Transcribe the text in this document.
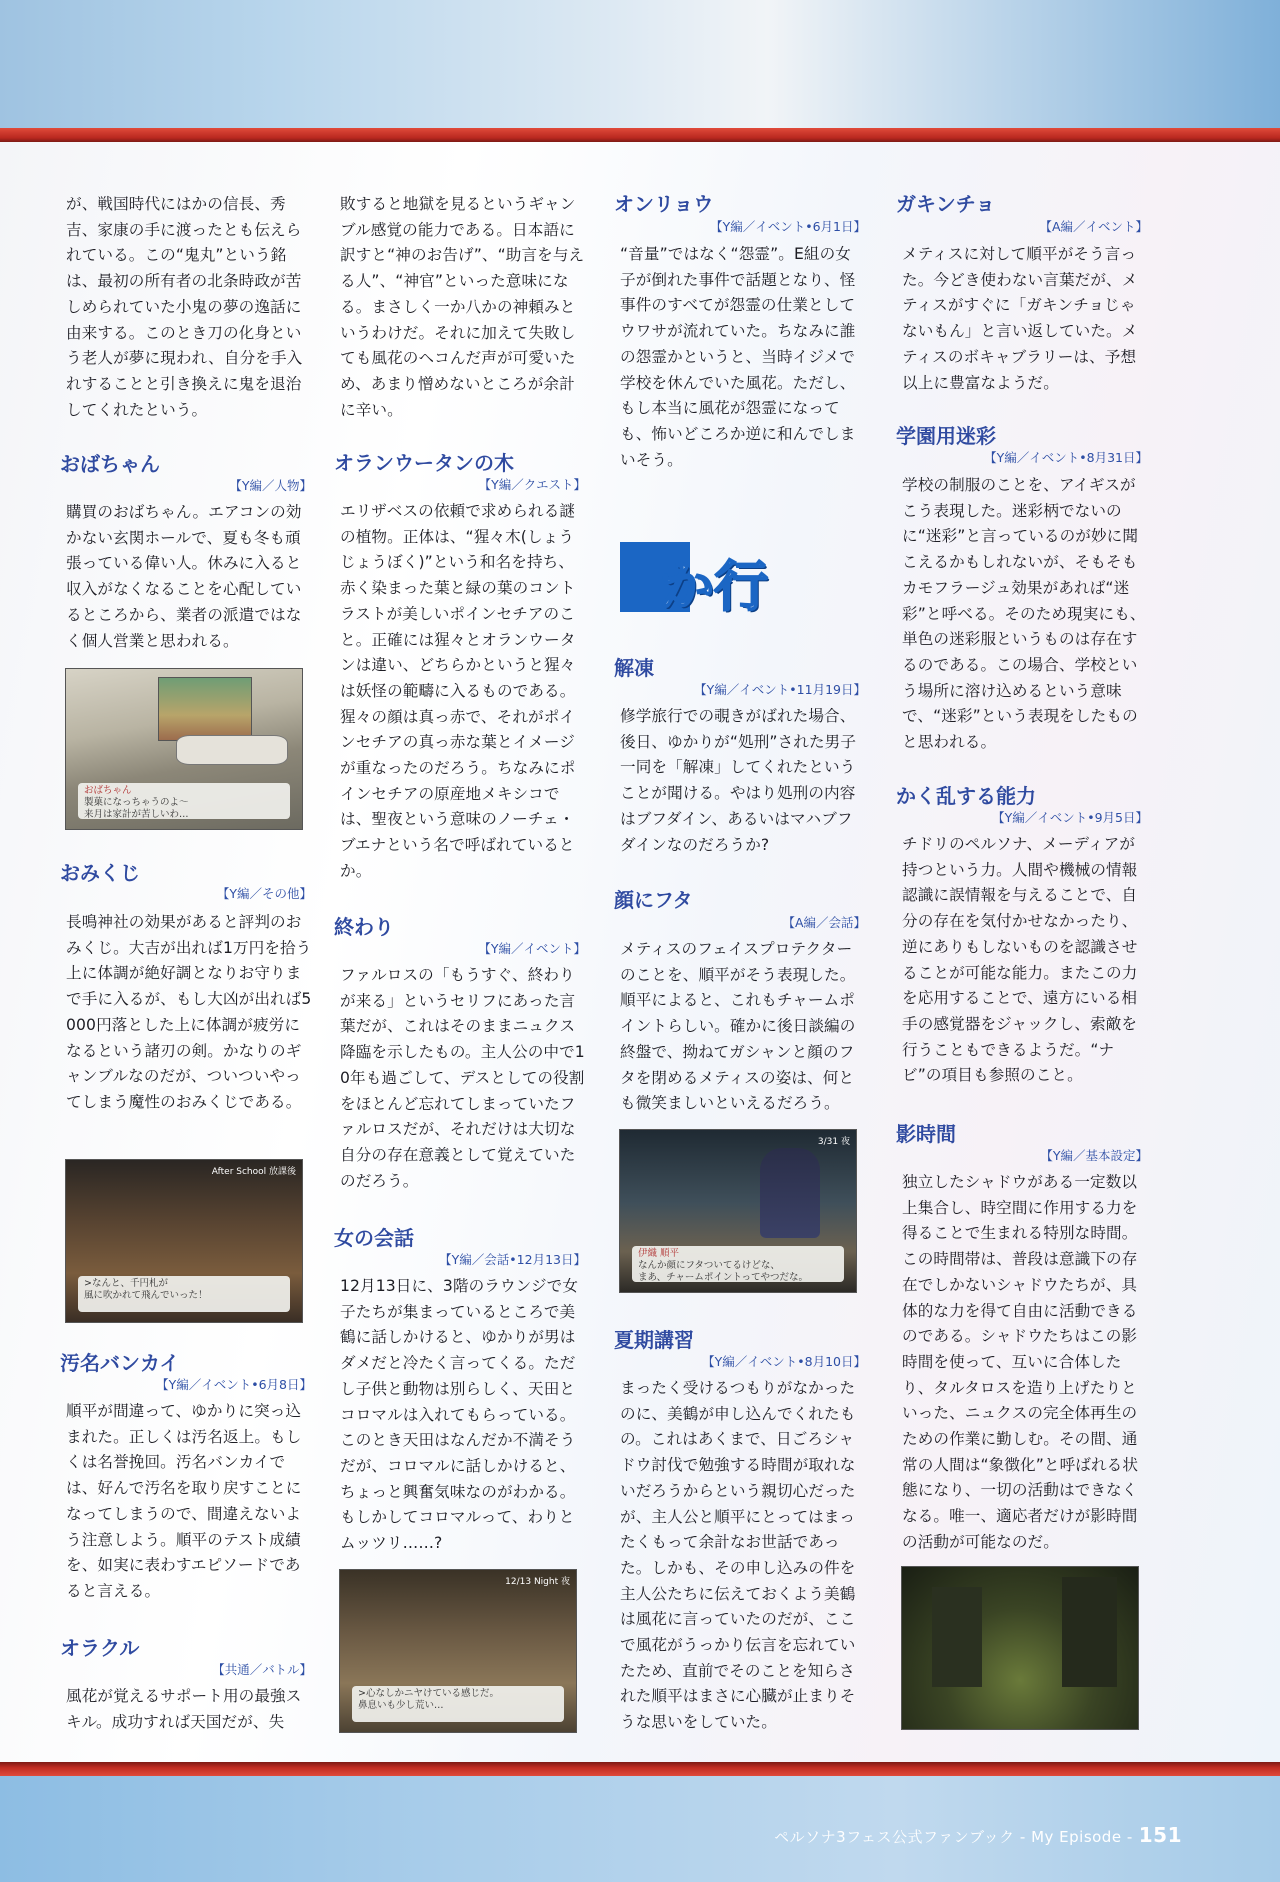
ペルソナ3フェス公式ファンブック - My Episode - 151
が、戦国時代にはかの信長、秀吉、家康の手に渡ったとも伝えられている。この“鬼丸”という銘は、最初の所有者の北条時政が苦しめられていた小鬼の夢の逸話に由来する。このとき刀の化身という老人が夢に現われ、自分を手入れすることと引き換えに鬼を退治してくれたという。
おばちゃん
【Y編／人物】
購買のおばちゃん。エアコンの効かない玄関ホールで、夏も冬も頑張っている偉い人。休みに入ると収入がなくなることを心配しているところから、業者の派遣ではなく個人営業と思われる。
おばちゃん
製菓になっちゃうのよ～
来月は家計が苦しいわ…
おみくじ
【Y編／その他】
長鳴神社の効果があると評判のおみくじ。大吉が出れば1万円を拾う上に体調が絶好調となりお守りまで手に入るが、もし大凶が出れば5000円落とした上に体調が疲労になるという諸刃の剣。かなりのギャンブルなのだが、ついついやってしまう魔性のおみくじである。
After School 放課後
>なんと、千円札が
風に吹かれて飛んでいった！
汚名バンカイ
【Y編／イベント•6月8日】
順平が間違って、ゆかりに突っ込まれた。正しくは汚名返上。もしくは名誉挽回。汚名バンカイでは、好んで汚名を取り戻すことになってしまうので、間違えないよう注意しよう。順平のテスト成績を、如実に表わすエピソードであると言える。
オラクル
【共通／バトル】
風花が覚えるサポート用の最強スキル。成功すれば天国だが、失
敗すると地獄を見るというギャンブル感覚の能力である。日本語に訳すと“神のお告げ”、“助言を与える人”、“神官”といった意味になる。まさしく一か八かの神頼みというわけだ。それに加えて失敗しても風花のヘコんだ声が可愛いため、あまり憎めないところが余計に辛い。
オランウータンの木
【Y編／クエスト】
エリザベスの依頼で求められる謎の植物。正体は、“猩々木(しょうじょうぼく)”という和名を持ち、赤く染まった葉と緑の葉のコントラストが美しいポインセチアのこと。正確には猩々とオランウータンは違い、どちらかというと猩々は妖怪の範疇に入るものである。猩々の顔は真っ赤で、それがポインセチアの真っ赤な葉とイメージが重なったのだろう。ちなみにポインセチアの原産地メキシコでは、聖夜という意味のノーチェ・ブエナという名で呼ばれているとか。
終わり
【Y編／イベント】
ファルロスの「もうすぐ、終わりが来る」というセリフにあった言葉だが、これはそのままニュクス降臨を示したもの。主人公の中で10年も過ごして、デスとしての役割をほとんど忘れてしまっていたファルロスだが、それだけは大切な自分の存在意義として覚えていたのだろう。
女の会話
【Y編／会話•12月13日】
12月13日に、3階のラウンジで女子たちが集まっているところで美鶴に話しかけると、ゆかりが男はダメだと冷たく言ってくる。ただし子供と動物は別らしく、天田とコロマルは入れてもらっている。このとき天田はなんだか不満そうだが、コロマルに話しかけると、ちょっと興奮気味なのがわかる。もしかしてコロマルって、わりとムッツリ……?
12/13 Night 夜
>心なしかニヤけている感じだ。
鼻息いも少し荒い…
オンリョウ
【Y編／イベント•6月1日】
“音量”ではなく“怨霊”。E組の女子が倒れた事件で話題となり、怪事件のすべてが怨霊の仕業としてウワサが流れていた。ちなみに誰の怨霊かというと、当時イジメで学校を休んでいた風花。ただし、もし本当に風花が怨霊になっても、怖いどころか逆に和んでしまいそう。
解凍
【Y編／イベント•11月19日】
修学旅行での覗きがばれた場合、後日、ゆかりが“処刑”された男子一同を「解凍」してくれたということが聞ける。やはり処刑の内容はブフダイン、あるいはマハブフダインなのだろうか?
顔にフタ
【A編／会話】
メティスのフェイスプロテクターのことを、順平がそう表現した。順平によると、これもチャームポイントらしい。確かに後日談編の終盤で、拗ねてガシャンと顔のフタを閉めるメティスの姿は、何とも微笑ましいといえるだろう。
3/31 夜
伊織 順平
なんか顔にフタついてるけどな、
まあ、チャームポイントってやつだな。
夏期講習
【Y編／イベント•8月10日】
まったく受けるつもりがなかったのに、美鶴が申し込んでくれたもの。これはあくまで、日ごろシャドウ討伐で勉強する時間が取れないだろうからという親切心だったが、主人公と順平にとってはまったくもって余計なお世話であった。しかも、その申し込みの件を主人公たちに伝えておくよう美鶴は風花に言っていたのだが、ここで風花がうっかり伝言を忘れていたため、直前でそのことを知らされた順平はまさに心臓が止まりそうな思いをしていた。
か行
ガキンチョ
【A編／イベント】
メティスに対して順平がそう言った。今どき使わない言葉だが、メティスがすぐに「ガキンチョじゃないもん」と言い返していた。メティスのボキャブラリーは、予想以上に豊富なようだ。
学園用迷彩
【Y編／イベント•8月31日】
学校の制服のことを、アイギスがこう表現した。迷彩柄でないのに“迷彩”と言っているのが妙に聞こえるかもしれないが、そもそもカモフラージュ効果があれば“迷彩”と呼べる。そのため現実にも、単色の迷彩服というものは存在するのである。この場合、学校という場所に溶け込めるという意味で、“迷彩”という表現をしたものと思われる。
かく乱する能力
【Y編／イベント•9月5日】
チドリのペルソナ、メーディアが持つという力。人間や機械の情報認識に誤情報を与えることで、自分の存在を気付かせなかったり、逆にありもしないものを認識させることが可能な能力。またこの力を応用することで、遠方にいる相手の感覚器をジャックし、索敵を行うこともできるようだ。“ナビ”の項目も参照のこと。
影時間
【Y編／基本設定】
独立したシャドウがある一定数以上集合し、時空間に作用する力を得ることで生まれる特別な時間。この時間帯は、普段は意識下の存在でしかないシャドウたちが、具体的な力を得て自由に活動できるのである。シャドウたちはこの影時間を使って、互いに合体したり、タルタロスを造り上げたりといった、ニュクスの完全体再生のための作業に勤しむ。その間、通常の人間は“象徴化”と呼ばれる状態になり、一切の活動はできなくなる。唯一、適応者だけが影時間の活動が可能なのだ。
